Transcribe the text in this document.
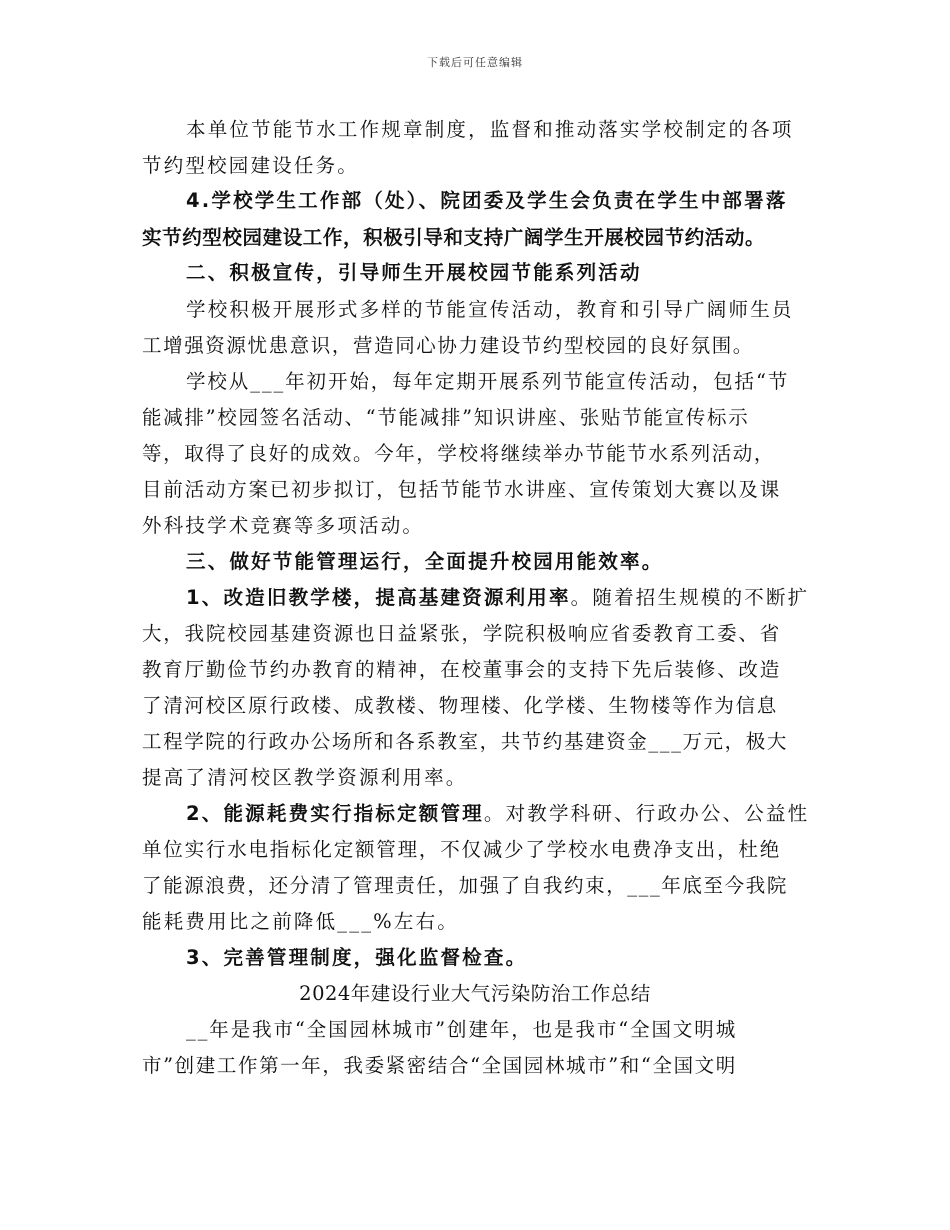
下载后可任意编辑
本单位节能节水工作规章制度，监督和推动落实学校制定的各项
节约型校园建设任务。
4.学校学生工作部（处）、院团委及学生会负责在学生中部署落
实节约型校园建设工作，积极引导和支持广阔学生开展校园节约活动。
二、积极宣传，引导师生开展校园节能系列活动
学校积极开展形式多样的节能宣传活动，教育和引导广阔师生员
工增强资源忧患意识，营造同心协力建设节约型校园的良好氛围。
学校从___年初开始，每年定期开展系列节能宣传活动，包括“节
能减排”校园签名活动、“节能减排”知识讲座、张贴节能宣传标示
等，取得了良好的成效。今年，学校将继续举办节能节水系列活动，
目前活动方案已初步拟订，包括节能节水讲座、宣传策划大赛以及课
外科技学术竞赛等多项活动。
三、做好节能管理运行，全面提升校园用能效率。
1、改造旧教学楼，提高基建资源利用率。随着招生规模的不断扩
大，我院校园基建资源也日益紧张，学院积极响应省委教育工委、省
教育厅勤俭节约办教育的精神，在校董事会的支持下先后装修、改造
了清河校区原行政楼、成教楼、物理楼、化学楼、生物楼等作为信息
工程学院的行政办公场所和各系教室，共节约基建资金___万元，极大
提高了清河校区教学资源利用率。
2、能源耗费实行指标定额管理。对教学科研、行政办公、公益性
单位实行水电指标化定额管理，不仅减少了学校水电费净支出，杜绝
了能源浪费，还分清了管理责任，加强了自我约束，___年底至今我院
能耗费用比之前降低___%左右。
3、完善管理制度，强化监督检查。
2024年建设行业大气污染防治工作总结
__年是我市“全国园林城市”创建年，也是我市“全国文明城
市”创建工作第一年，我委紧密结合“全国园林城市”和“全国文明
